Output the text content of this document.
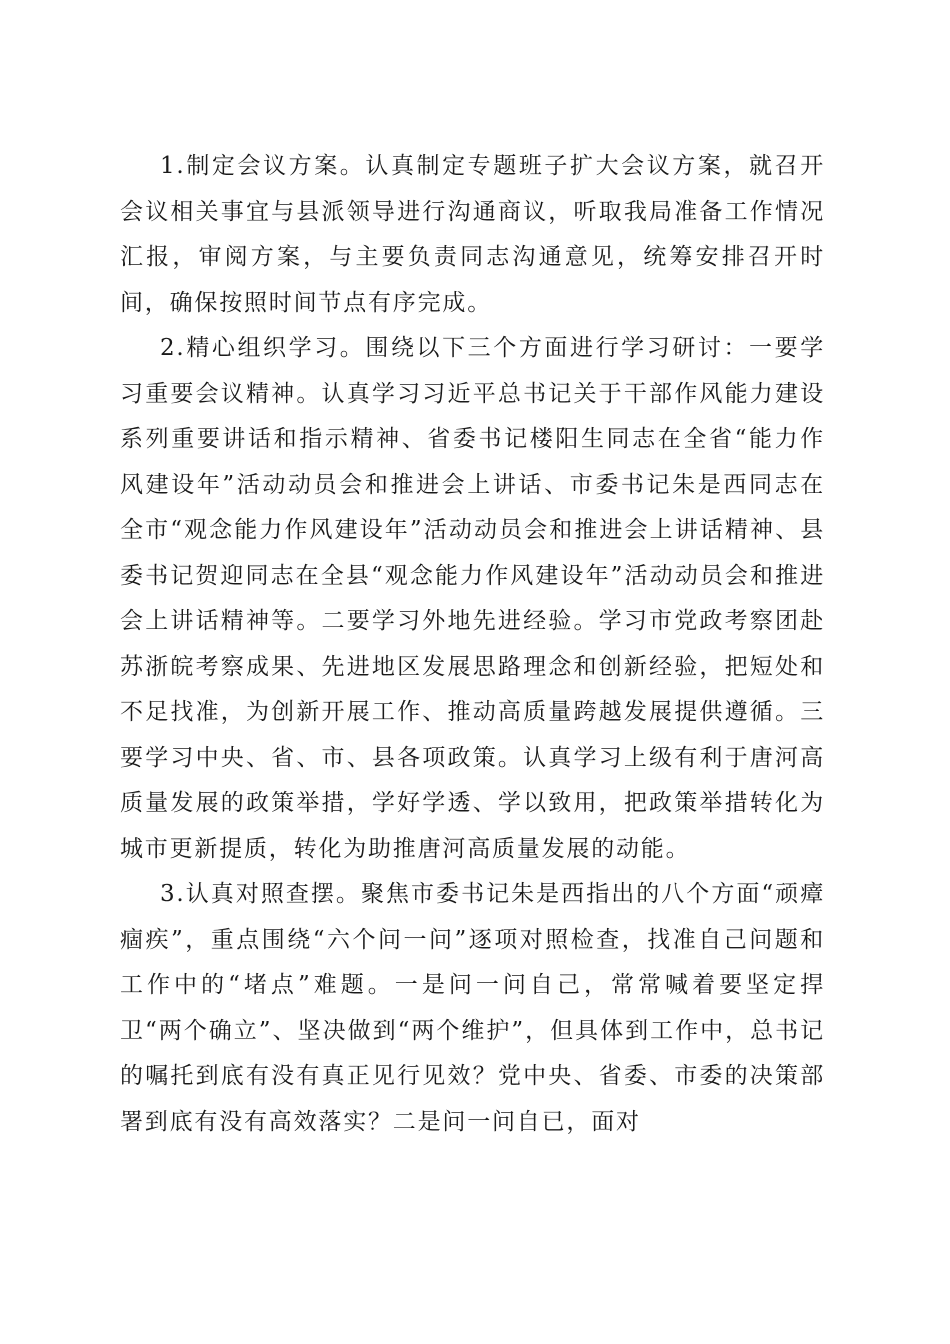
1.制定会议方案。认真制定专题班子扩大会议方案，就召开会议相关事宜与县派领导进行沟通商议，听取我局准备工作情况汇报，审阅方案，与主要负责同志沟通意见，统筹安排召开时间，确保按照时间节点有序完成。

2.精心组织学习。围绕以下三个方面进行学习研讨：一要学习重要会议精神。认真学习习近平总书记关于干部作风能力建设系列重要讲话和指示精神、省委书记楼阳生同志在全省“能力作风建设年”活动动员会和推进会上讲话、市委书记朱是西同志在全市“观念能力作风建设年”活动动员会和推进会上讲话精神、县委书记贺迎同志在全县“观念能力作风建设年”活动动员会和推进会上讲话精神等。二要学习外地先进经验。学习市党政考察团赴苏浙皖考察成果、先进地区发展思路理念和创新经验，把短处和不足找准，为创新开展工作、推动高质量跨越发展提供遵循。三要学习中央、省、市、县各项政策。认真学习上级有利于唐河高质量发展的政策举措，学好学透、学以致用，把政策举措转化为城市更新提质，转化为助推唐河高质量发展的动能。

3.认真对照查摆。聚焦市委书记朱是西指出的八个方面“顽瘴痼疾”，重点围绕“六个问一问”逐项对照检查，找准自己问题和工作中的“堵点”难题。一是问一问自己，常常喊着要坚定捍卫“两个确立”、坚决做到“两个维护”，但具体到工作中，总书记的嘱托到底有没有真正见行见效？党中央、省委、市委的决策部署到底有没有高效落实？二是问一问自已，面对
